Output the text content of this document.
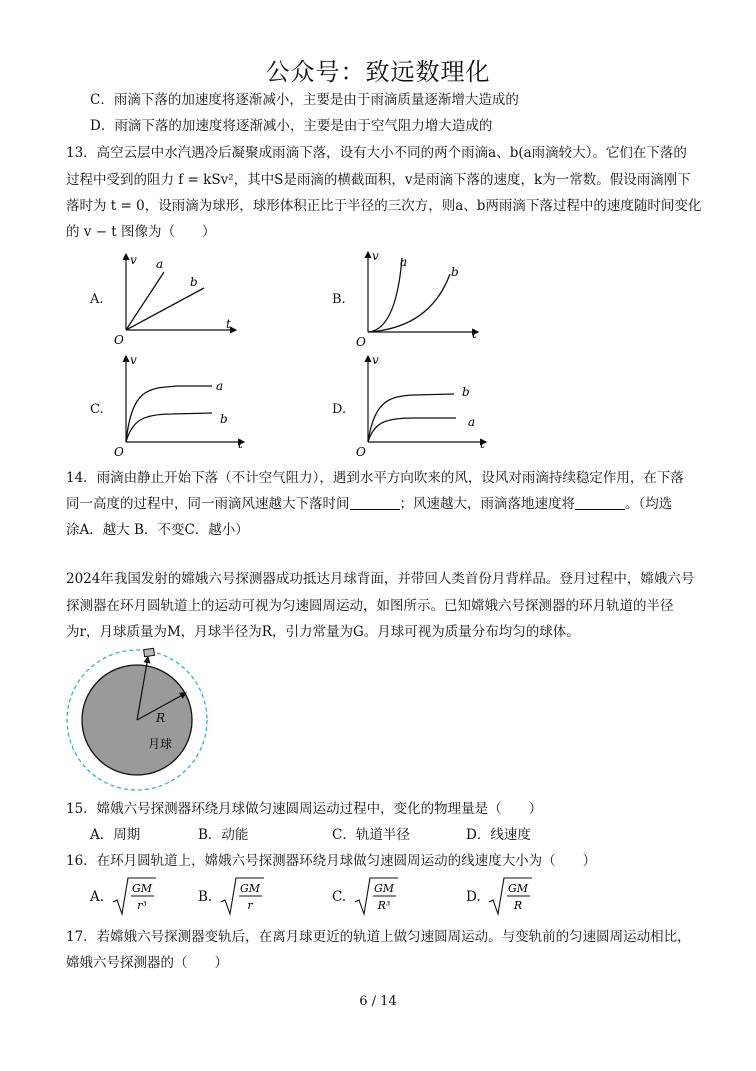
公众号：致远数理化
C．雨滴下落的加速度将逐渐减小，主要是由于雨滴质量逐渐增大造成的
D．雨滴下落的加速度将逐渐减小，主要是由于空气阻力增大造成的
13．高空云层中水汽遇冷后凝聚成雨滴下落，设有大小不同的两个雨滴a、b(a雨滴较大）。它们在下落的
过程中受到的阻力 f = kSv²，其中S是雨滴的横截面积，v是雨滴下落的速度，k为一常数。假设雨滴刚下
落时为 t = 0，设雨滴为球形，球形体积正比于半径的三次方，则a、b两雨滴下落过程中的速度随时间变化
的 v − t 图像为（　　）
A.
v
t
O
a
b
B.
v
t
O
a
b
C.
v
t
O
a
b
D.
v
t
O
b
a
14．雨滴由静止开始下落（不计空气阻力），遇到水平方向吹来的风，设风对雨滴持续稳定作用，在下落
同一高度的过程中，同一雨滴风速越大下落时间	；风速越大，雨滴落地速度将	。（均选
涂A．越大 B．不变C．越小）
2024年我国发射的嫦娥六号探测器成功抵达月球背面，并带回人类首份月背样品。登月过程中，嫦娥六号
探测器在环月圆轨道上的运动可视为匀速圆周运动，如图所示。已知嫦娥六号探测器的环月轨道的半径
为r，月球质量为M，月球半径为R，引力常量为G。月球可视为质量分布均匀的球体。
R
月球
15．嫦娥六号探测器环绕月球做匀速圆周运动过程中，变化的物理量是（　　）
A．周期	B．动能	C．轨道半径	D．线速度
16．在环月圆轨道上，嫦娥六号探测器环绕月球做匀速圆周运动的线速度大小为（　　）
A.
GM
r³
B.
GM
r
C.
GM
R³
D.
GM
R
17．若嫦娥六号探测器变轨后，在离月球更近的轨道上做匀速圆周运动。与变轨前的匀速圆周运动相比，
嫦娥六号探测器的（　　）
6 / 14
